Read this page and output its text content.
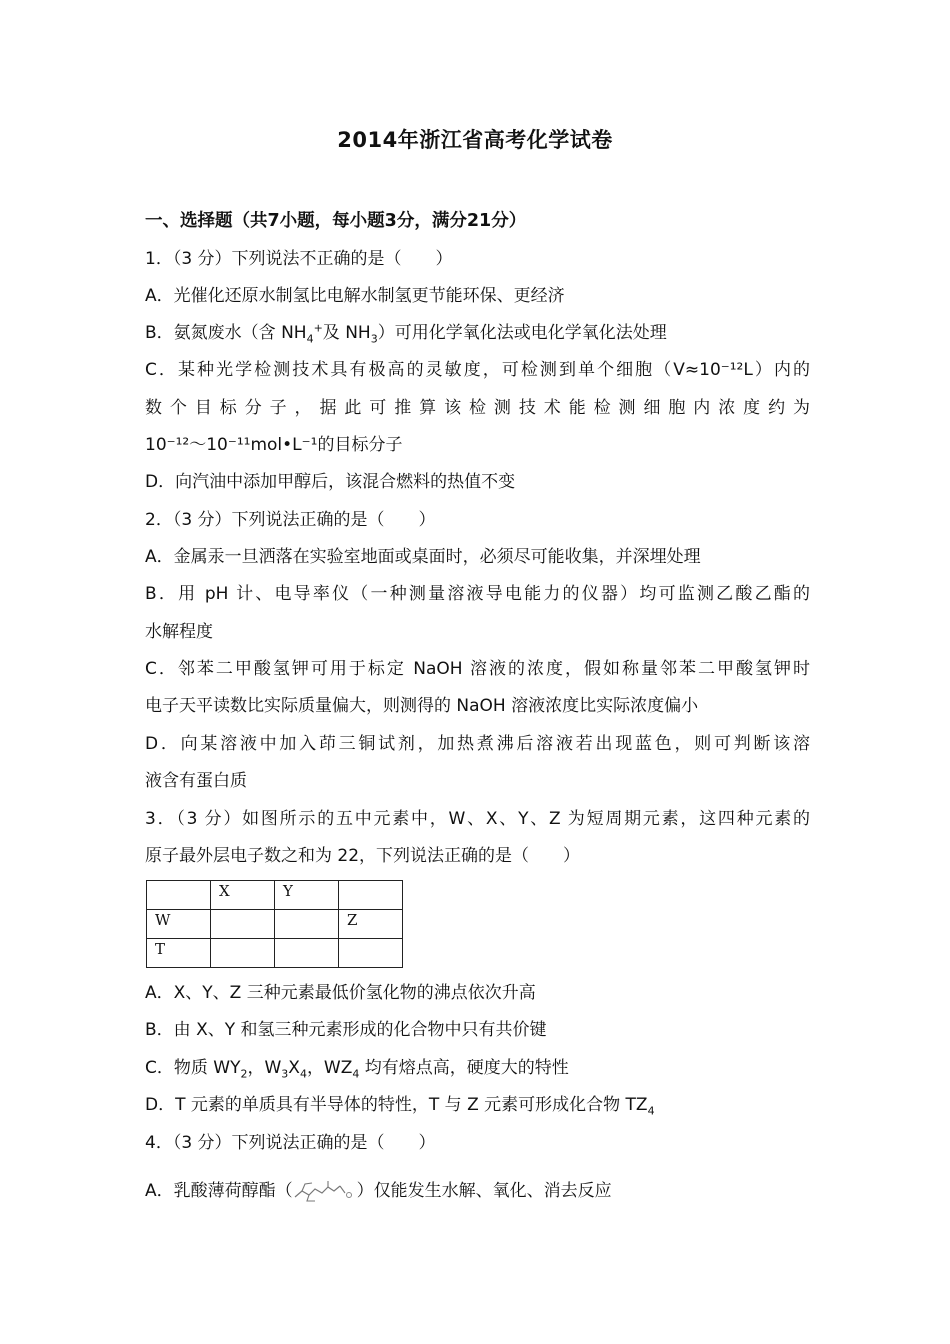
2014年浙江省高考化学试卷
一、选择题（共7小题，每小题3分，满分21分）
1．（3 分）下列说法不正确的是（　　）
A．光催化还原水制氢比电解水制氢更节能环保、更经济
B．氨氮废水（含 $NH_4^+$及 $NH_3$）可用化学氧化法或电化学氧化法处理
C．某种光学检测技术具有极高的灵敏度，可检测到单个细胞（V≈10⁻¹²L）内的
数个目标分子，据此可推算该检测技术能检测细胞内浓度约为
10⁻¹²～10⁻¹¹mol•L⁻¹的目标分子
D．向汽油中添加甲醇后，该混合燃料的热值不变
2．（3 分）下列说法正确的是（　　）
A．金属汞一旦洒落在实验室地面或桌面时，必须尽可能收集，并深埋处理
B．用 pH 计、电导率仪（一种测量溶液导电能力的仪器）均可监测乙酸乙酯的
水解程度
C．邻苯二甲酸氢钾可用于标定 NaOH 溶液的浓度，假如称量邻苯二甲酸氢钾时
电子天平读数比实际质量偏大，则测得的 NaOH 溶液浓度比实际浓度偏小
D．向某溶液中加入茚三铜试剂，加热煮沸后溶液若出现蓝色，则可判断该溶
液含有蛋白质
3．（3 分）如图所示的五中元素中，W、X、Y、Z 为短周期元素，这四种元素的
原子最外层电子数之和为 22，下列说法正确的是（　　）
	X	Y	
W			Z
T			
A．X、Y、Z 三种元素最低价氢化物的沸点依次升高
B．由 X、Y 和氢三种元素形成的化合物中只有共价键
C．物质 $WY_2$，$W_3X_4$，$WZ_4$ 均有熔点高，硬度大的特性
D．T 元素的单质具有半导体的特性，T 与 Z 元素可形成化合物 $TZ_4$
4．（3 分）下列说法正确的是（　　）
A．乳酸薄荷醇酯（	）仅能发生水解、氧化、消去反应
